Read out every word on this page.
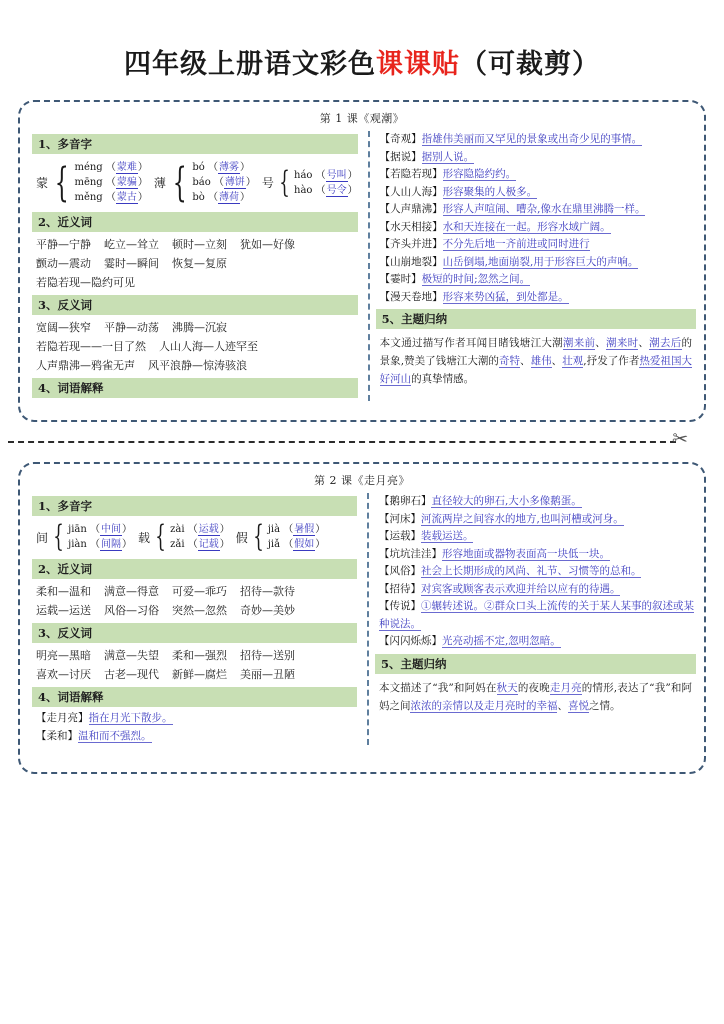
四年级上册语文彩色课课贴（可裁剪）
第 1 课《观潮》
1、多音字
蒙 { méng （蒙难）
mēng （蒙骗）
měng （蒙古）
薄 { bó （薄雾）
báo （薄饼）
bò （薄荷）
号 { háo （号叫）
hào （号令）
2、近义词
平静—宁静 屹立—耸立 顿时—立刻 犹如—好像
颤动—震动 霎时—瞬间 恢复—复原
若隐若现—隐约可见
3、反义词
宽阔—狭窄 平静—动荡 沸腾—沉寂
若隐若现——一目了然 人山人海—人迹罕至
人声鼎沸—鸦雀无声 风平浪静—惊涛骇浪
4、词语解释
【奇观】指雄伟美丽而又罕见的景象或出奇少见的事情。
【据说】据别人说。
【若隐若现】形容隐隐约约。
【人山人海】形容聚集的人极多。
【人声鼎沸】形容人声喧闹、嘈杂,像水在鼎里沸腾一样。
【水天相接】水和天连接在一起。形容水域广阔。
【齐头并进】不分先后地一齐前进或同时进行
【山崩地裂】山岳倒塌,地面崩裂,用于形容巨大的声响。
【霎时】极短的时间;忽然之间。
【漫天卷地】形容来势凶猛，到处都是。
5、主题归纳
本文通过描写作者耳闻目睹钱塘江大潮潮来前、潮来时、潮去后的景象,赞美了钱塘江大潮的奇特、雄伟、壮观,抒发了作者热爱祖国大好河山的真挚情感。
✂
第 2 课《走月亮》
1、多音字
间 { jiān （中间）
jiàn （间隔） 载 { zài （运载）
zǎi （记载） 假 { jià （暑假）
jiǎ （假如）
2、近义词
柔和—温和 满意—得意 可爱—乖巧 招待—款待
运载—运送 风俗—习俗 突然—忽然 奇妙—美妙
3、反义词
明亮—黑暗 满意—失望 柔和—强烈 招待—送别
喜欢—讨厌 古老—现代 新鲜—腐烂 美丽—丑陋
4、词语解释
【走月亮】指在月光下散步。
【柔和】温和而不强烈。
【鹅卵石】直径较大的卵石,大小多像鹅蛋。
【河床】河流两岸之间容水的地方,也叫河槽或河身。
【运载】装载运送。
【坑坑洼洼】形容地面或器物表面高一块低一块。
【风俗】社会上长期形成的风尚、礼节、习惯等的总和。
【招待】对宾客或顾客表示欢迎并给以应有的待遇。
【传说】①辗转述说。②群众口头上流传的关于某人某事的叙述或某种说法。
【闪闪烁烁】光亮动摇不定,忽明忽暗。
5、主题归纳
本文描述了“我”和阿妈在秋天的夜晚走月亮的情形,表达了“我”和阿妈之间浓浓的亲情以及走月亮时的幸福、喜悦之情。
